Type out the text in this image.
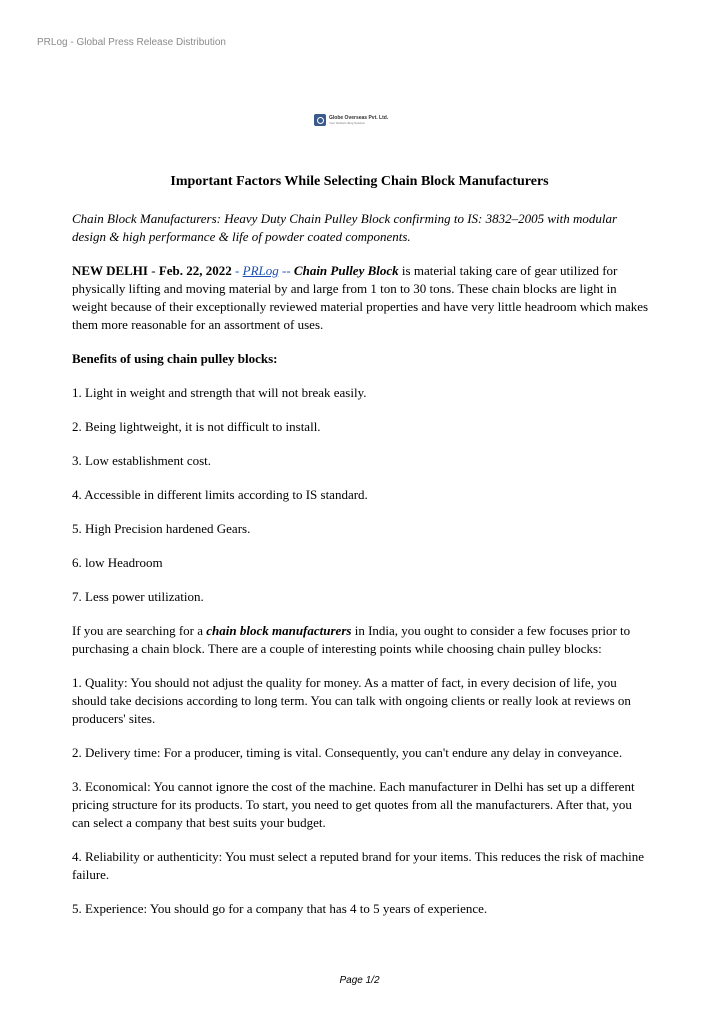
PRLog - Global Press Release Distribution
Globe Overseas Pvt. Ltd.
Your Global Lifting Solution
Important Factors While Selecting Chain Block Manufacturers

Chain Block Manufacturers: Heavy Duty Chain Pulley Block confirming to IS: 3832–2005 with modular design & high performance & life of powder coated components.

NEW DELHI - Feb. 22, 2022 - PRLog -- Chain Pulley Block is material taking care of gear utilized for physically lifting and moving material by and large from 1 ton to 30 tons. These chain blocks are light in weight because of their exceptionally reviewed material properties and have very little headroom which makes them more reasonable for an assortment of uses.

Benefits of using chain pulley blocks:

1. Light in weight and strength that will not break easily.

2. Being lightweight, it is not difficult to install.

3. Low establishment cost.

4. Accessible in different limits according to IS standard.

5. High Precision hardened Gears.

6. low Headroom

7. Less power utilization.

If you are searching for a chain block manufacturers in India, you ought to consider a few focuses prior to purchasing a chain block. There are a couple of interesting points while choosing chain pulley blocks:

1. Quality: You should not adjust the quality for money. As a matter of fact, in every decision of life, you should take decisions according to long term. You can talk with ongoing clients or really look at reviews on producers' sites.

2. Delivery time: For a producer, timing is vital. Consequently, you can't endure any delay in conveyance.

3. Economical: You cannot ignore the cost of the machine. Each manufacturer in Delhi has set up a different pricing structure for its products. To start, you need to get quotes from all the manufacturers. After that, you can select a company that best suits your budget.

4. Reliability or authenticity: You must select a reputed brand for your items. This reduces the risk of machine failure.

5. Experience: You should go for a company that has 4 to 5 years of experience.

Page 1/2
